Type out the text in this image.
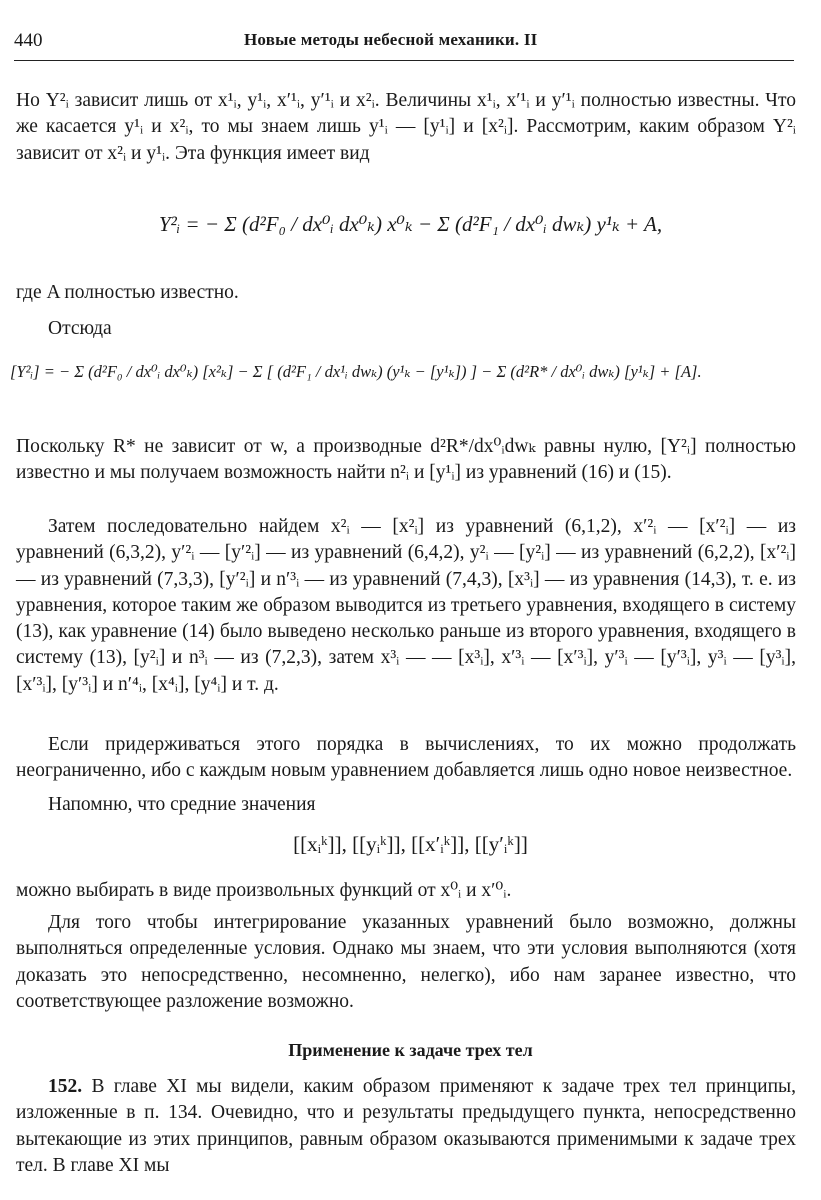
440	Новые методы небесной механики. II

Но Y²ᵢ зависит лишь от x¹ᵢ, y¹ᵢ, x′¹ᵢ, y′¹ᵢ и x²ᵢ. Величины x¹ᵢ, x′¹ᵢ и y′¹ᵢ полностью известны. Что же касается y¹ᵢ и x²ᵢ, то мы знаем лишь y¹ᵢ — [y¹ᵢ] и [x²ᵢ]. Рассмотрим, каким образом Y²ᵢ зависит от x²ᵢ и y¹ᵢ. Эта функция имеет вид

Y²ᵢ = − Σ (d²F₀ / dx⁰ᵢ dx⁰ₖ) x⁰ₖ − Σ (d²F₁ / dx⁰ᵢ dwₖ) y¹ₖ + A,

где A полностью известно.

Отсюда

[Y²ᵢ] = − Σ (d²F₀ / dx⁰ᵢ dx⁰ₖ) [x²ₖ] − Σ [ (d²F₁ / dx¹ᵢ dwₖ) (y¹ₖ − [y¹ₖ]) ] − Σ (d²R* / dx⁰ᵢ dwₖ) [y¹ₖ] + [A].

Поскольку R* не зависит от w, а производные d²R*/dx⁰ᵢdwₖ равны нулю, [Y²ᵢ] полностью известно и мы получаем возможность найти n²ᵢ и [y¹ᵢ] из уравнений (16) и (15).

Затем последовательно найдем x²ᵢ — [x²ᵢ] из уравнений (6,1,2), x′²ᵢ — [x′²ᵢ] — из уравнений (6,3,2), y′²ᵢ — [y′²ᵢ] — из уравнений (6,4,2), y²ᵢ — [y²ᵢ] — из уравнений (6,2,2), [x′²ᵢ] — из уравнений (7,3,3), [y′²ᵢ] и n′³ᵢ — из уравнений (7,4,3), [x³ᵢ] — из уравнения (14,3), т. е. из уравнения, которое таким же образом выводится из третьего уравнения, входящего в систему (13), как уравнение (14) было выведено несколько раньше из второго уравнения, входящего в систему (13), [y²ᵢ] и n³ᵢ — из (7,2,3), затем x³ᵢ — — [x³ᵢ], x′³ᵢ — [x′³ᵢ], y′³ᵢ — [y′³ᵢ], y³ᵢ — [y³ᵢ], [x′³ᵢ], [y′³ᵢ] и n′⁴ᵢ, [x⁴ᵢ], [y⁴ᵢ] и т. д.

Если придерживаться этого порядка в вычислениях, то их можно продолжать неограниченно, ибо с каждым новым уравнением добавляется лишь одно новое неизвестное.

Напомню, что средние значения

[[xᵢᵏ]], [[yᵢᵏ]], [[x′ᵢᵏ]], [[y′ᵢᵏ]]

можно выбирать в виде произвольных функций от x⁰ᵢ и x′⁰ᵢ.

Для того чтобы интегрирование указанных уравнений было возможно, должны выполняться определенные условия. Однако мы знаем, что эти условия выполняются (хотя доказать это непосредственно, несомненно, нелегко), ибо нам заранее известно, что соответствующее разложение возможно.

Применение к задаче трех тел

152. В главе XI мы видели, каким образом применяют к задаче трех тел принципы, изложенные в п. 134. Очевидно, что и результаты предыдущего пункта, непосредственно вытекающие из этих принципов, равным образом оказываются применимыми к задаче трех тел. В главе XI мы
